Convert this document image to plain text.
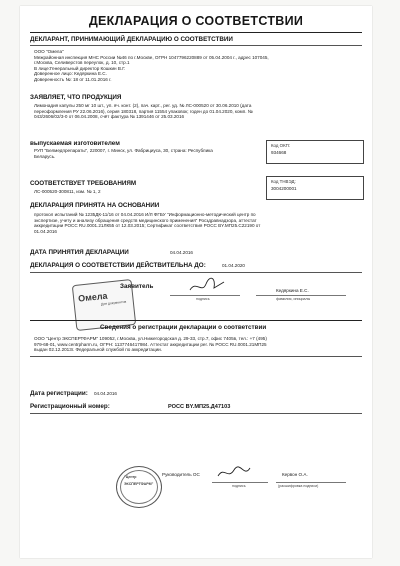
ДЕКЛАРАЦИЯ О СООТВЕТСТВИИ
ДЕКЛАРАНТ, ПРИНИМАЮЩИЙ ДЕКЛАРАЦИЮ О СООТВЕТСТВИИ
ООО "Омела"
Межрайонная инспекция МНС России №46 по г.Москве, ОГРН 1047796220889 от 05.04.2004 г., адрес 107045,
г.Москва, Селиверстов переулок, д. 10, стр.1
В лице:Генеральный директор Кошкин В.Г.
Доверенное лицо: Кедяркина Е.С.
Доверенность №: 18 от 11.01.2016 г.
ЗАЯВЛЯЕТ, ЧТО ПРОДУКЦИЯ
Лимонадия капулы 250 мг 10 шт., уп. яч. конт. (2), пач. карт., рег. уд. № ЛС-000520 от 30.06.2010 (дата
переоформления РУ 22.06.2016), серия 180318, партия 11554 упаковок; годен до 01.04.2020, комп. №
043/2606/02/3-0 от 06.04.2008, счёт фактура № 1391446 от 25.03.2016
выпускаемая изготовителем
РУП "Белмедпрепараты", 220007, г. Минск, ул. Фабрициуса, 30, страна: Республика
Беларусь.
Код ОКП:
934668
СООТВЕТСТВУЕТ ТРЕБОВАНИЯМ
ЛС-000520-300811, изм. № 1, 2
Код ТНВЭД:
3004200001
ДЕКЛАРАЦИЯ ПРИНЯТА НА ОСНОВАНИИ
протокол испытаний № 1235ДК-11/16 от 04.04.2016 И/Л ФГБУ "Информационно-методический центр по
экспертизе, учету и анализу обращения средств медицинского применения" Росздравнадзора, аттестат
аккредитации РОСС RU.0001.21ЛК55 от 12.03.2015; Сертификат соответствия РОСС BY.МП25.С22190 от
01.04.2016
ДАТА ПРИНЯТИЯ ДЕКЛАРАЦИИ	04.04.2016
ДЕКЛАРАЦИЯ О СООТВЕТСТВИИ ДЕЙСТВИТЕЛЬНА ДО:	01.04.2020
Омела
Для документов
Заявитель
подпись
Кедяркина Е.С.
фамилия, инициалы
Сведения о регистрации декларации о соответствии
ООО "Центр ЭКСПЕРТФАРМ" 109052, г.Москва, ул.Нижегородская д. 29-33, стр.7, офис 7405в, тел.: +7 (495)
979-68-01, www.centrpharm.ru, ОГРН: 1137746417984. Аттестат аккредитации рег. № РОСС RU.0001.21МП25
выдан 02.12.2013г. Федеральной службой по аккредитации.
Дата регистрации: 04.04.2016
Регистрационный номер:	РОСС BY.МП25.Д47103
"Центр
ЭКСПЕРТФАРМ"
Руководитель ОС
подпись
Кервон О.А.
(расшифровка подписи)
